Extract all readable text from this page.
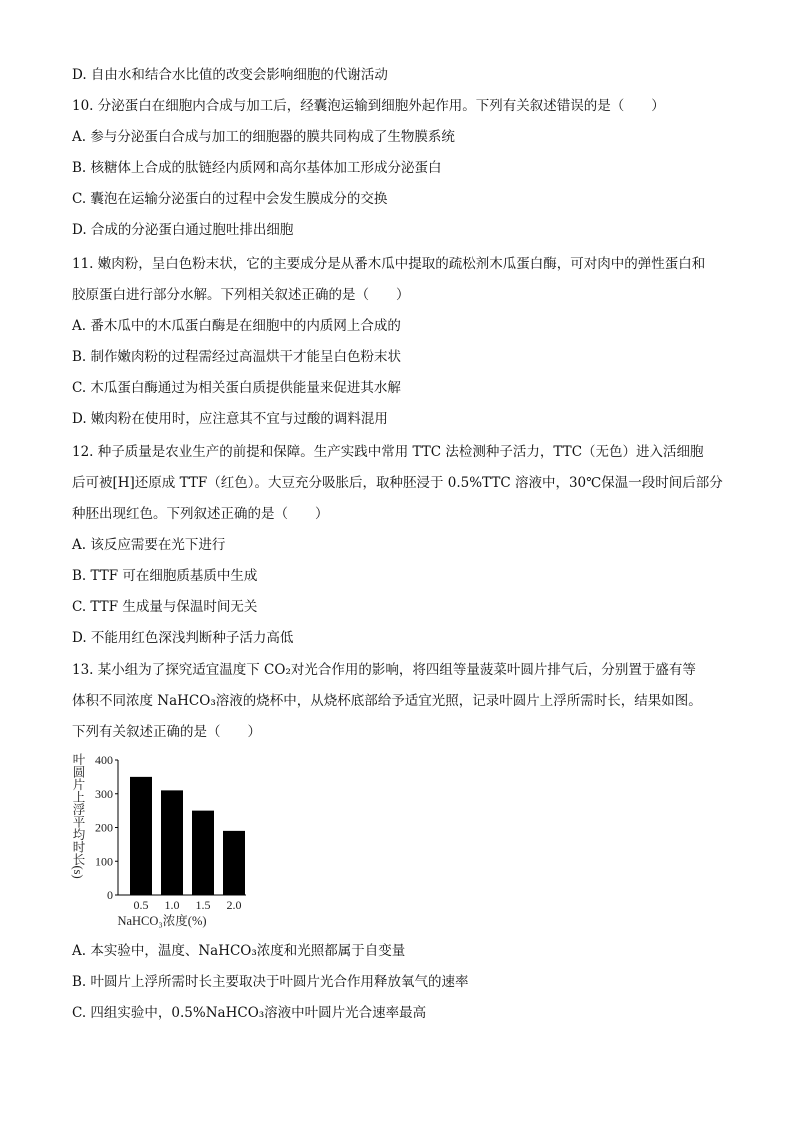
D. 自由水和结合水比值的改变会影响细胞的代谢活动
10. 分泌蛋白在细胞内合成与加工后，经囊泡运输到细胞外起作用。下列有关叙述错误的是（　　）
A. 参与分泌蛋白合成与加工的细胞器的膜共同构成了生物膜系统
B. 核糖体上合成的肽链经内质网和高尔基体加工形成分泌蛋白
C. 囊泡在运输分泌蛋白的过程中会发生膜成分的交换
D. 合成的分泌蛋白通过胞吐排出细胞
11. 嫩肉粉，呈白色粉末状，它的主要成分是从番木瓜中提取的疏松剂木瓜蛋白酶，可对肉中的弹性蛋白和
胶原蛋白进行部分水解。下列相关叙述正确的是（　　）
A. 番木瓜中的木瓜蛋白酶是在细胞中的内质网上合成的
B. 制作嫩肉粉的过程需经过高温烘干才能呈白色粉末状
C. 木瓜蛋白酶通过为相关蛋白质提供能量来促进其水解
D. 嫩肉粉在使用时，应注意其不宜与过酸的调料混用
12. 种子质量是农业生产的前提和保障。生产实践中常用 TTC 法检测种子活力，TTC（无色）进入活细胞
后可被[H]还原成 TTF（红色）。大豆充分吸胀后，取种胚浸于 0.5%TTC 溶液中，30℃保温一段时间后部分
种胚出现红色。下列叙述正确的是（　　）
A. 该反应需要在光下进行
B. TTF 可在细胞质基质中生成
C. TTF 生成量与保温时间无关
D. 不能用红色深浅判断种子活力高低
13. 某小组为了探究适宜温度下 CO₂对光合作用的影响，将四组等量菠菜叶圆片排气后，分别置于盛有等
体积不同浓度 NaHCO₃溶液的烧杯中，从烧杯底部给予适宜光照，记录叶圆片上浮所需时长，结果如图。
下列有关叙述正确的是（　　）
0
100
200
300
400
0.5 1.0 1.5 2.0
NaHCO₃浓度(%)
叶圆片上浮平均时长(s)
A. 本实验中，温度、NaHCO₃浓度和光照都属于自变量
B. 叶圆片上浮所需时长主要取决于叶圆片光合作用释放氧气的速率
C. 四组实验中，0.5%NaHCO₃溶液中叶圆片光合速率最高
